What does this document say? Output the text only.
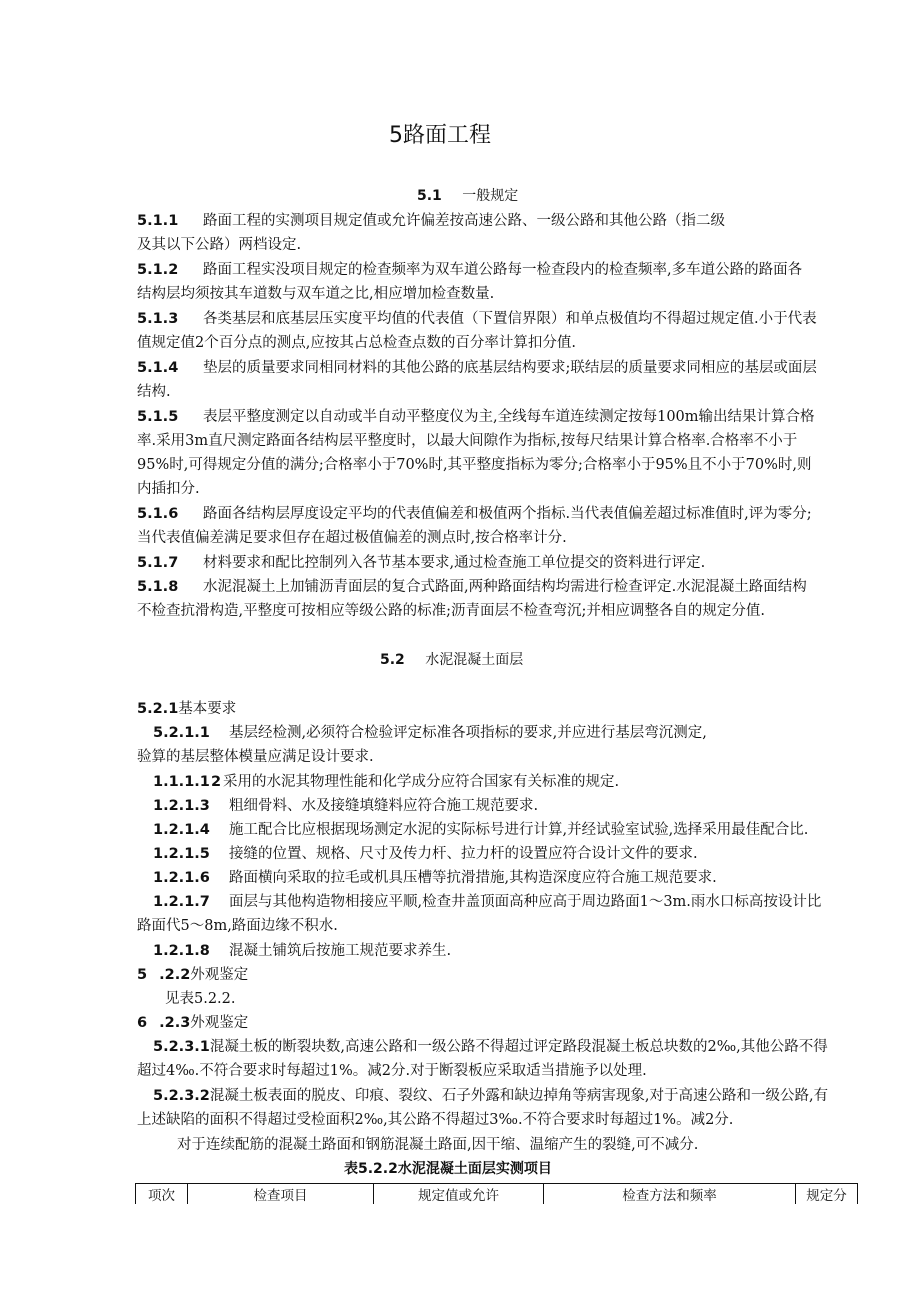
5路面工程
5.1 一般规定
5.1.1 路面工程的实测项目规定值或允许偏差按高速公路、一级公路和其他公路（指二级
及其以下公路）两档设定.
5.1.2 路面工程实没项目规定的检查频率为双车道公路每一检查段内的检查频率,多车道公路的路面各
结构层均须按其车道数与双车道之比,相应增加检查数量.
5.1.3 各类基层和底基层压实度平均值的代表值（下置信界限）和单点极值均不得超过规定值.小于代表
值规定值2个百分点的测点,应按其占总检查点数的百分率计算扣分值.
5.1.4 垫层的质量要求同相同材料的其他公路的底基层结构要求;联结层的质量要求同相应的基层或面层
结构.
5.1.5 表层平整度测定以自动或半自动平整度仪为主,全线每车道连续测定按每100m输出结果计算合格
率.采用3m直尺测定路面各结构层平整度时，以最大间隙作为指标,按每尺结果计算合格率.合格率不小于
95%时,可得规定分值的满分;合格率小于70%时,其平整度指标为零分;合格率小于95%且不小于70%时,则
内插扣分.
5.1.6 路面各结构层厚度设定平均的代表值偏差和极值两个指标.当代表值偏差超过标准值时,评为零分;
当代表值偏差满足要求但存在超过极值偏差的测点时,按合格率计分.
5.1.7 材料要求和配比控制列入各节基本要求,通过检查施工单位提交的资料进行评定.
5.1.8 水泥混凝土上加铺沥青面层的复合式路面,两种路面结构均需进行检查评定.水泥混凝土路面结构
不检查抗滑构造,平整度可按相应等级公路的标准;沥青面层不检查弯沉;并相应调整各自的规定分值.
5.2 水泥混凝土面层
5.2.1基本要求
5.2.1.1 基层经检测,必须符合检验评定标准各项指标的要求,并应进行基层弯沉测定,
验算的基层整体模量应满足设计要求.
1.1.1.1 2 采用的水泥其物理性能和化学成分应符合国家有关标准的规定.
1.2.1.3 粗细骨料、水及接缝填缝料应符合施工规范要求.
1.2.1.4 施工配合比应根据现场测定水泥的实际标号进行计算,并经试验室试验,选择采用最佳配合比.
1.2.1.5 接缝的位置、规格、尺寸及传力杆、拉力杆的设置应符合设计文件的要求.
1.2.1.6 路面横向采取的拉毛或机具压槽等抗滑措施,其构造深度应符合施工规范要求.
1.2.1.7 面层与其他构造物相接应平顺,检查井盖顶面高种应高于周边路面1～3m.雨水口标高按设计比
路面代5～8m,路面边缘不积水.
1.2.1.8 混凝土铺筑后按施工规范要求养生.
5 .2.2外观鉴定
见表5.2.2.
6 .2.3外观鉴定
5.2.3.1混凝土板的断裂块数,高速公路和一级公路不得超过评定路段混凝土板总块数的2‰,其他公路不得
超过4‰.不符合要求时每超过1%。减2分.对于断裂板应采取适当措施予以处理.
5.2.3.2混凝土板表面的脱皮、印痕、裂纹、石子外露和缺边掉角等病害现象,对于高速公路和一级公路,有
上述缺陷的面积不得超过受检面积2‰,其公路不得超过3‰.不符合要求时每超过1%。减2分.
对于连续配筋的混凝土路面和钢筋混凝土路面,因干缩、温缩产生的裂缝,可不减分.
表5.2.2水泥混凝土面层实测项目
项次	检查项目	规定值或允许	检查方法和频率	规定分
